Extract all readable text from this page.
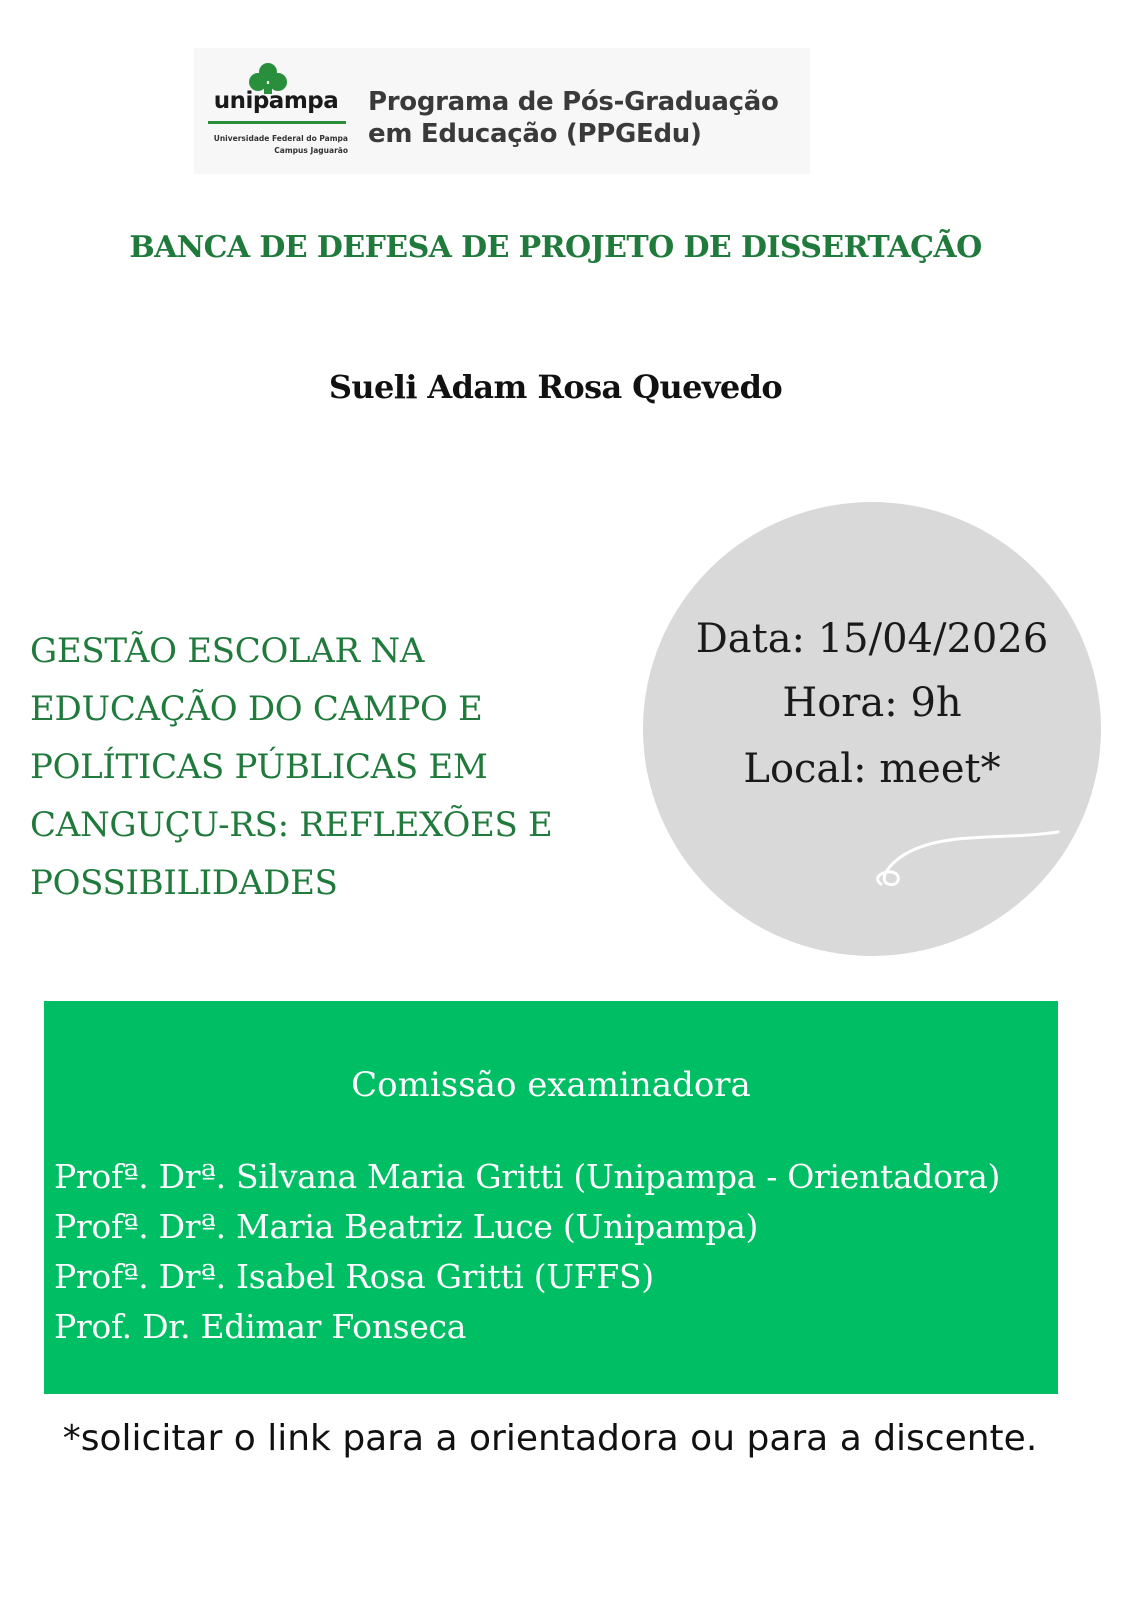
unipampa
Universidade Federal do Pampa
Campus Jaguarão
Programa de Pós-Graduação
em Educação (PPGEdu)
BANCA DE DEFESA DE PROJETO DE DISSERTAÇÃO
Sueli Adam Rosa Quevedo
GESTÃO ESCOLAR NA
EDUCAÇÃO DO CAMPO E
POLÍTICAS PÚBLICAS EM
CANGUÇU-RS: REFLEXÕES E
POSSIBILIDADES
Data: 15/04/2026
Hora: 9h
Local: meet*
Comissão examinadora
Profª. Drª. Silvana Maria Gritti (Unipampa - Orientadora)
Profª. Drª. Maria Beatriz Luce (Unipampa)
Profª. Drª. Isabel Rosa Gritti (UFFS)
Prof. Dr. Edimar Fonseca
*solicitar o link para a orientadora ou para a discente.
